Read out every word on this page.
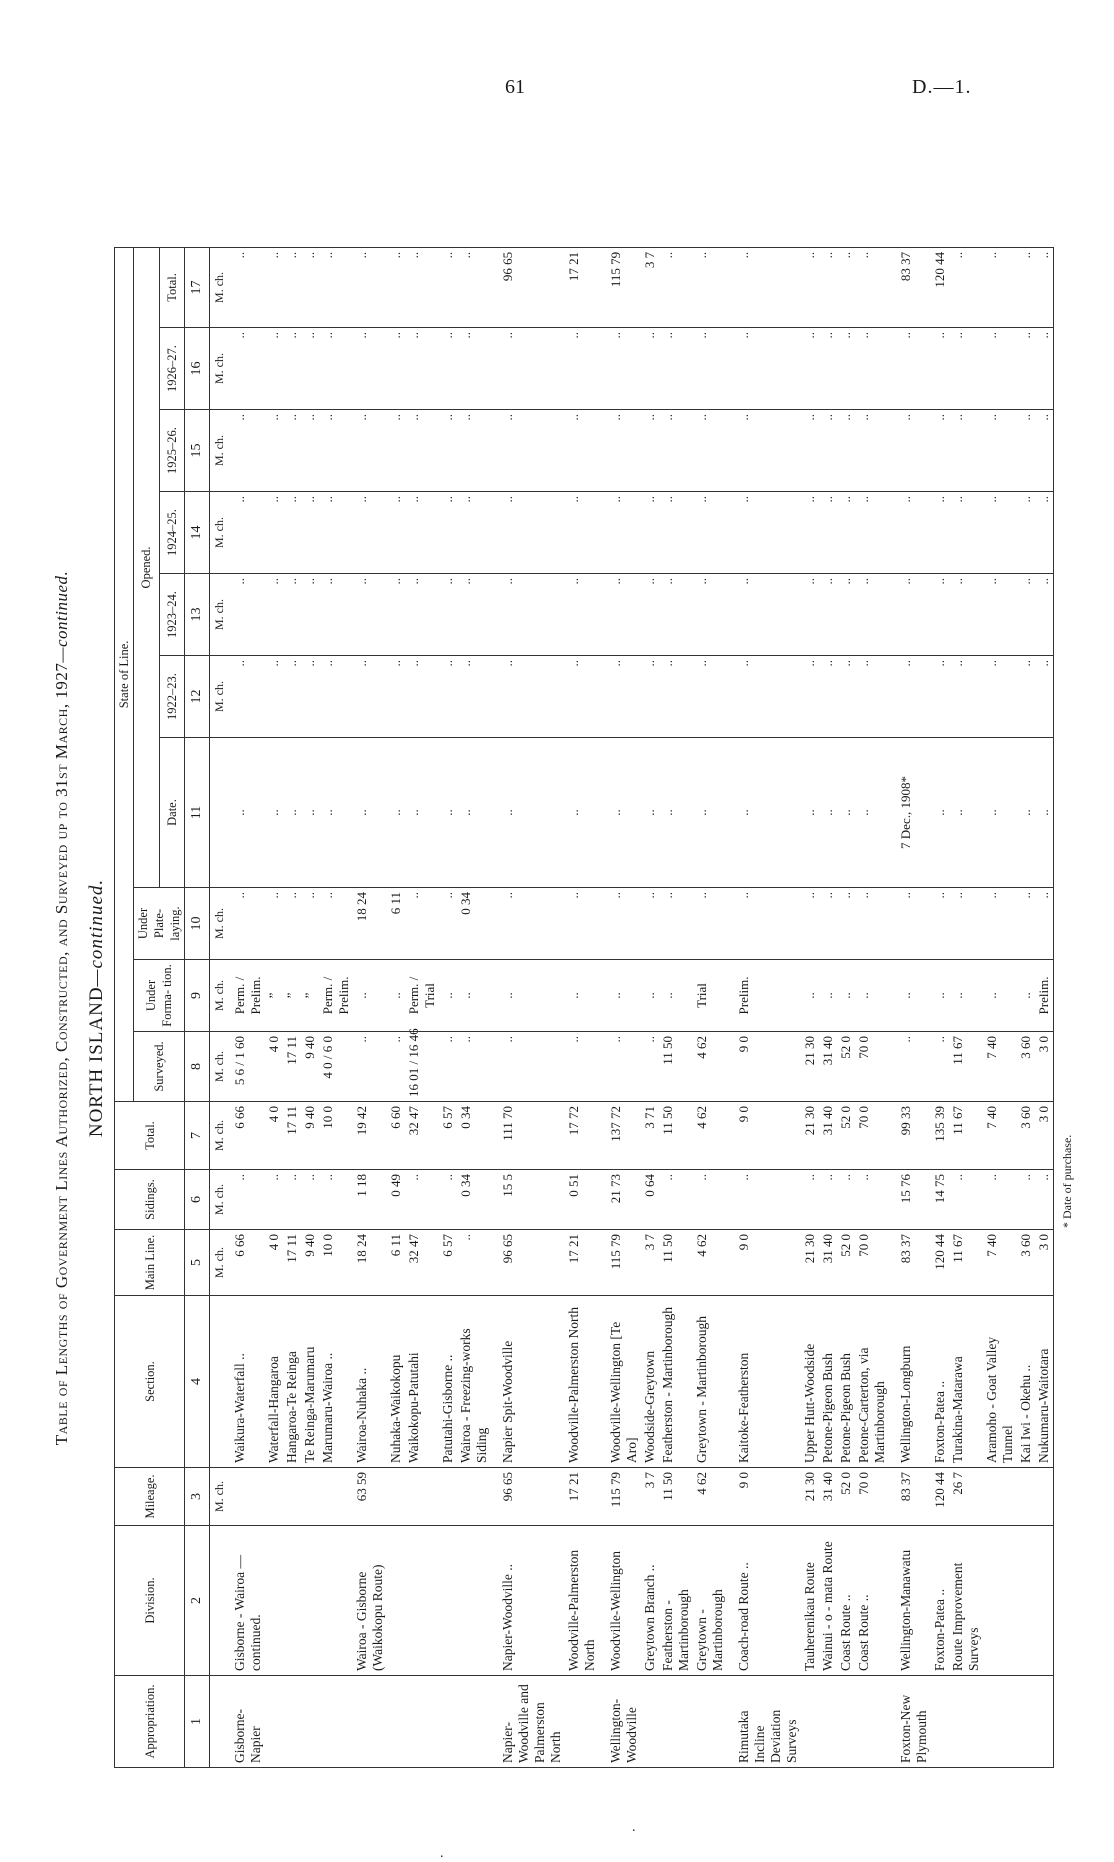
61	D.—1.
.
.
Table of Lengths of Government Lines Authorized, Constructed, and Surveyed up to 31st March, 1927—continued.
NORTH ISLAND—continued.
Appropriation.	Division.	Mileage.	Section.	Main Line.	Sidings.	Total.	State of Line.									
							Surveyed.	Under Forma- tion.	Under Plate- laying.	Opened.						
										Date.	1922–23.	1923–24.	1924–25.	1925–26.	1926–27.	Total.
1	2	3	4	5	6	7	8	9	10	11	12	13	14	15	16	17
		M. ch.		M. ch.	M. ch.	M. ch.	M. ch.	M. ch.	M. ch.		M. ch.	M. ch.	M. ch.	M. ch.	M. ch.	M. ch.
Gisborne-Napier	Gisborne - Wairoa — continued.		Waikura-Waterfall ..	6 66	..	6 66	5 6 / 1 60	Perm. / Prelim.	..	..	..	..	..	..	..	..
			Waterfall-Hangaroa	4 0	..	4 0	4 0	”	..	..	..	..	..	..	..	..
			Hangaroa-Te Reinga	17 11	..	17 11	17 11	”	..	..	..	..	..	..	..	..
			Te Reinga-Marumaru	9 40	..	9 40	9 40	”	..	..	..	..	..	..	..	..
			Marumaru-Wairoa ..	10 0	..	10 0	4 0 / 6 0	Perm. / Prelim.	..	..	..	..	..	..	..	..
	Wairoa - Gisborne (Waikokopu Route)	63 59	Wairoa-Nuhaka ..	18 24	1 18	19 42	..	..	18 24	..	..	..	..	..	..	..
			Nuhaka-Waikokopu	6 11	0 49	6 60	..	..	6 11	..	..	..	..	..	..	..
			Waikokopu-Patutahi	32 47	..	32 47	16 01 / 16 46	Perm. / Trial	..	..	..	..	..	..	..	..
			Patutahi-Gisborne ..	6 57	..	6 57	..	..	..	..	..	..	..	..	..	..
			Wairoa - Freezing-works Siding	..	0 34	0 34	..	..	0 34	..	..	..	..	..	..	..

Napier-Woodville and Palmerston North	Napier-Woodville ..	96 65	Napier Spit-Woodville	96 65	15 5	111 70	..	..	..	..	..	..	..	..	..	96 65
	Woodville-Palmerston North	17 21	Woodville-Palmerston North	17 21	0 51	17 72	..	..	..	..	..	..	..	..	..	17 21

Wellington-Woodville	Woodville-Wellington	115 79	Woodville-Wellington [Te Aro]	115 79	21 73	137 72	..	..	..	..	..	..	..	..	..	115 79
	Greytown Branch ..	3 7	Woodside-Greytown	3 7	0 64	3 71	..	..	..	..	..	..	..	..	..	3 7
	Featherston - Martinborough	11 50	Featherston - Martinborough	11 50	..	11 50	11 50	..	..	..	..	..	..	..	..	..
	Greytown - Martinborough	4 62	Greytown - Martinborough	4 62	..	4 62	4 62	Trial	..	..	..	..	..	..	..	..

Rimutaka Incline Deviation Surveys	Coach-road Route ..	9 0	Kaitoke-Featherston	9 0	..	9 0	9 0	Prelim.	..	..	..	..	..	..	..	..
	Tauherenikau Route	21 30	Upper Hutt-Woodside	21 30	..	21 30	21 30	..	..	..	..	..	..	..	..	..
	Wainui - o - mata Route	31 40	Petone-Pigeon Bush	31 40	..	31 40	31 40	..	..	..	..	..	..	..	..	..
	Coast Route ..	52 0	Petone-Pigeon Bush	52 0	..	52 0	52 0	..	..	..	..	..	..	..	..	..
	Coast Route ..	70 0	Petone-Carterton, via Martinborough	70 0	..	70 0	70 0	..	..	..	..	..	..	..	..	..

Foxton-New Plymouth	Wellington-Manawatu	83 37	Wellington-Longburn	83 37	15 76	99 33	..	..	..	7 Dec., 1908*	..	..	..	..	..	83 37
	Foxton-Patea ..	120 44	Foxton-Patea ..	120 44	14 75	135 39	..	..	..	..	..	..	..	..	..	120 44
	Route Improvement Surveys	26 7	Turakina-Matarawa	11 67	..	11 67	11 67	..	..	..	..	..	..	..	..	..
			Aramoho - Goat Valley Tunnel	7 40	..	7 40	7 40	..	..	..	..	..	..	..	..	..
			Kai Iwi - Okehu ..	3 60	..	3 60	3 60	..	..	..	..	..	..	..	..	..
			Nukumaru-Waitotara	3 0	..	3 0	3 0	Prelim.	..	..	..	..	..	..	..	..
* Date of purchase.
